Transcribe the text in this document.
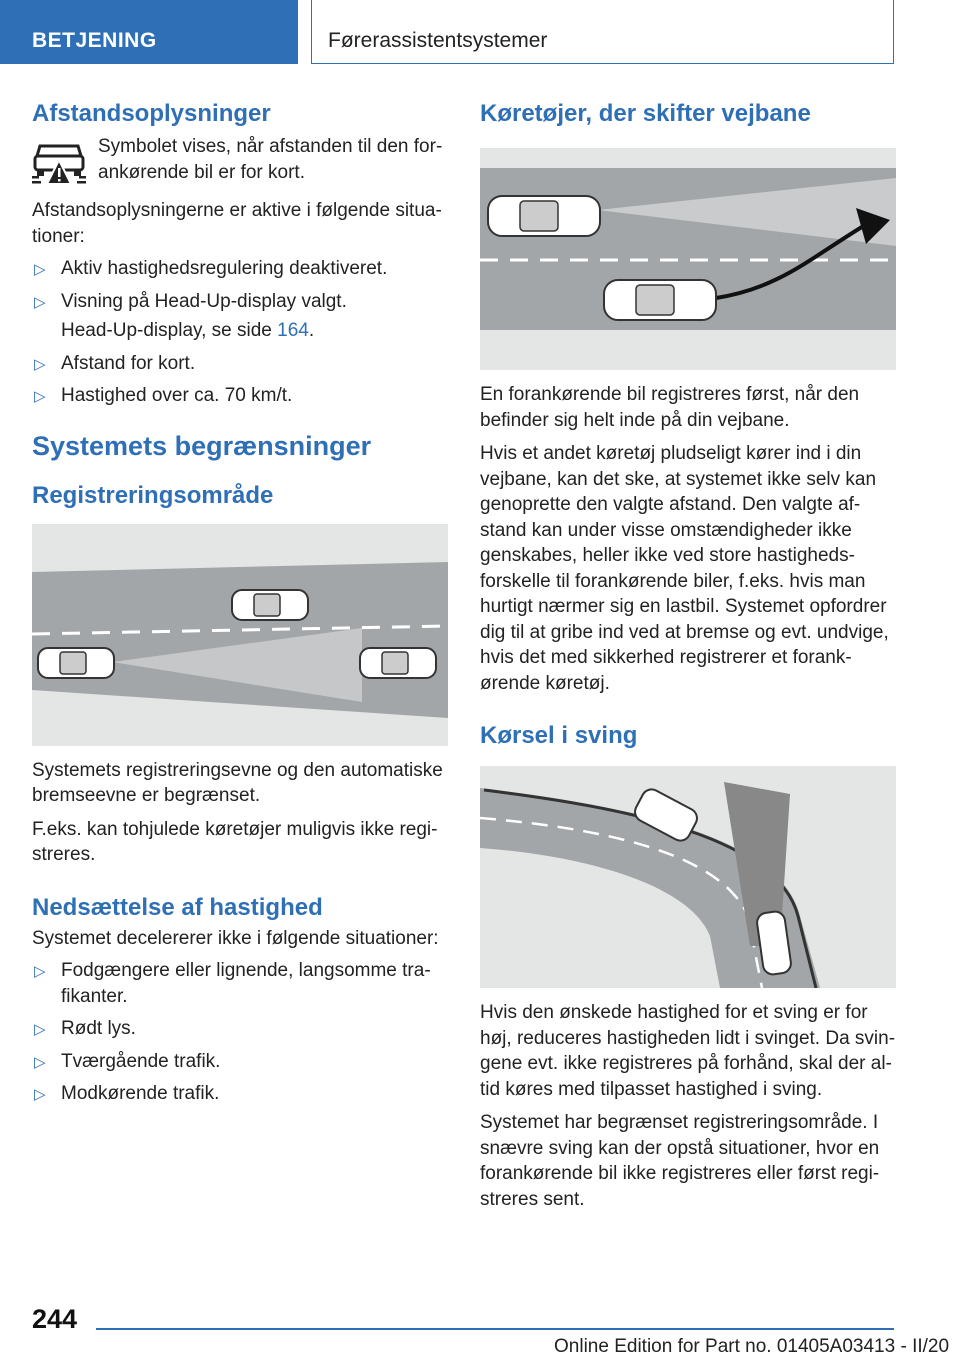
BETJENING	Førerassistentsystemer
Afstandsoplysninger

Symbolet vises, når afstanden til den for-ankørende bil er for kort.

Afstandsoplysningerne er aktive i følgende situa-tioner:

▷ Aktiv hastighedsregulering deaktiveret.
▷ Visning på Head-Up-display valgt.
Head-Up-display, se side 164.
▷ Afstand for kort.
▷ Hastighed over ca. 70 km/t.
Systemets begrænsninger
Registreringsområde

Systemets registreringsevne og den automatiske bremseevne er begrænset.

F.eks. kan tohjulede køretøjer muligvis ikke regi-streres.

Nedsættelse af hastighed

Systemet decelererer ikke i følgende situationer:

▷ Fodgængere eller lignende, langsomme tra-fikanter.
▷ Rødt lys.
▷ Tværgående trafik.
▷ Modkørende trafik.
Køretøjer, der skifter vejbane

En forankørende bil registreres først, når den befinder sig helt inde på din vejbane.

Hvis et andet køretøj pludseligt kører ind i din vejbane, kan det ske, at systemet ikke selv kan genoprette den valgte afstand. Den valgte af-stand kan under visse omstændigheder ikke genskabes, heller ikke ved store hastigheds-forskelle til forankørende biler, f.eks. hvis man hurtigt nærmer sig en lastbil. Systemet opfordrer dig til at gribe ind ved at bremse og evt. undvige, hvis det med sikkerhed registrerer et forank-ørende køretøj.

Kørsel i sving

Hvis den ønskede hastighed for et sving er for høj, reduceres hastigheden lidt i svinget. Da svin-gene evt. ikke registreres på forhånd, skal der al-tid køres med tilpasset hastighed i sving.

Systemet har begrænset registreringsområde. I snævre sving kan der opstå situationer, hvor en forankørende bil ikke registreres eller først regi-streres sent.

244
Online Edition for Part no. 01405A03413 - II/20
